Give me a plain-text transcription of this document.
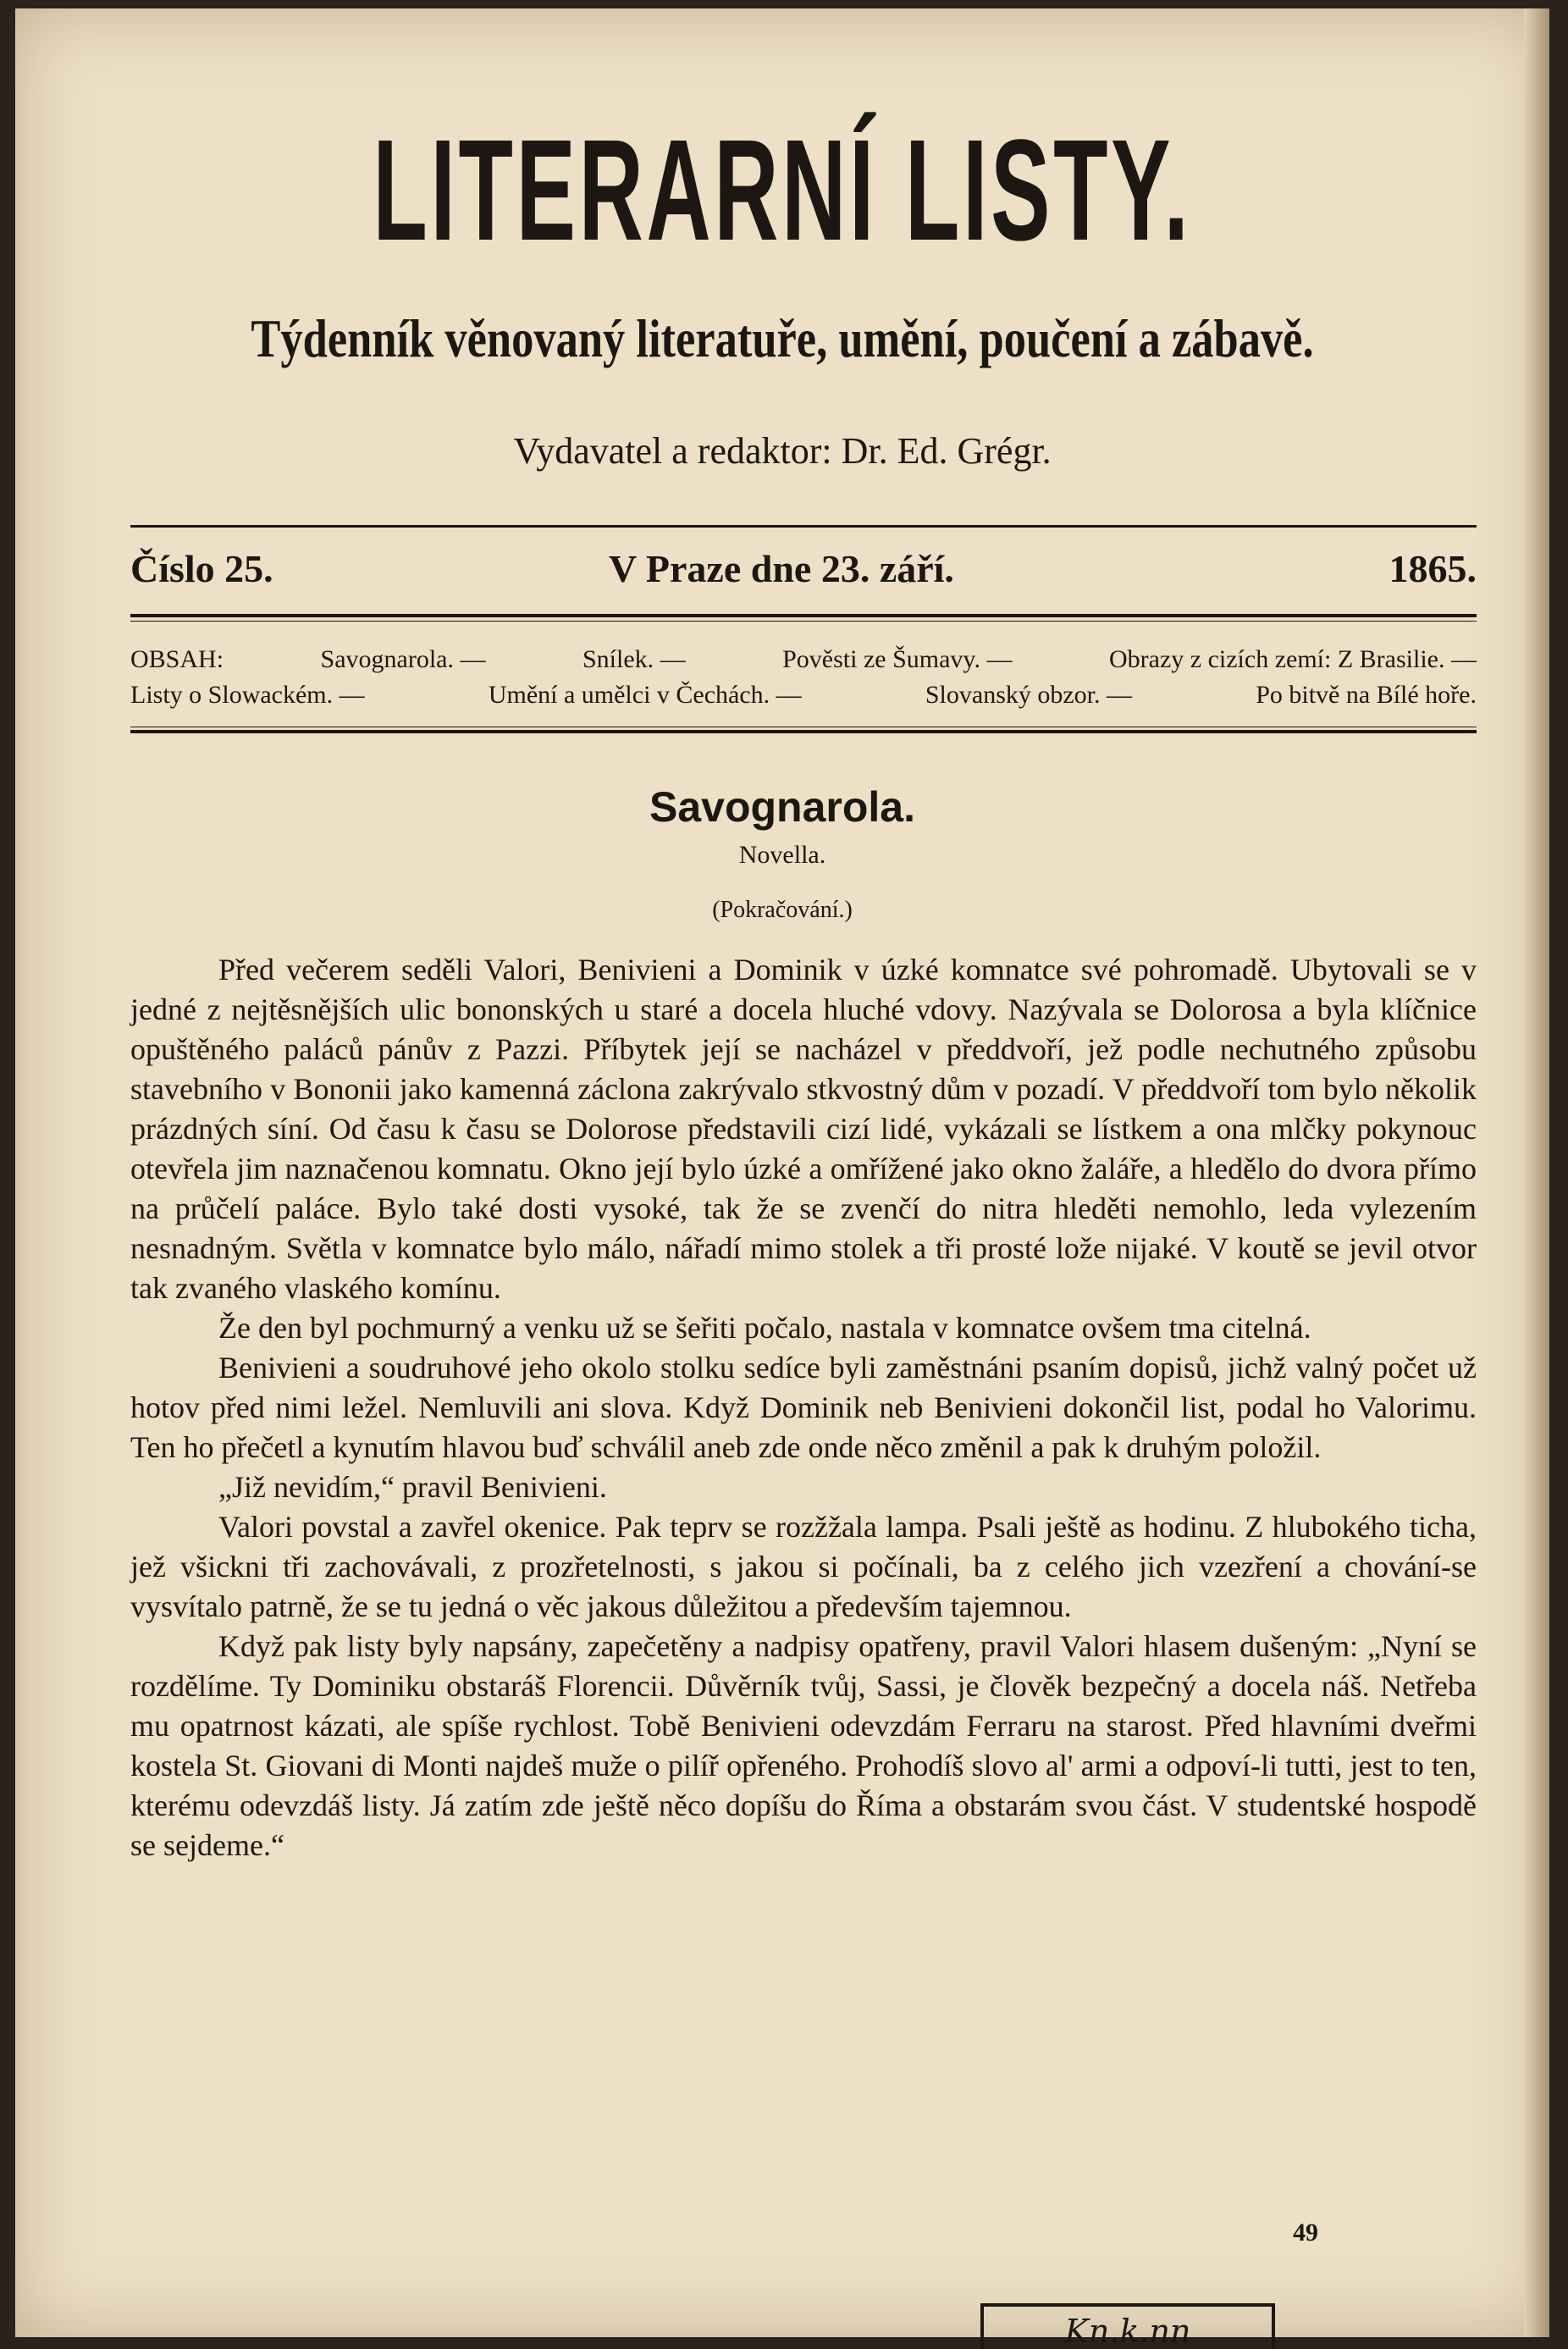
LITERARNÍ LISTY.
Týdenník věnovaný literatuře, umění, poučení a zábavě.
Vydavatel a redaktor: Dr. Ed. Grégr.
Číslo 25.	V Praze dne 23. září.	1865.
OBSAH:	Savognarola. —	Snílek. —	Pověsti ze Šumavy. —	Obrazy z cizích zemí: Z Brasilie. —
Listy o Slowackém. —	Umění a umělci v Čechách. —	Slovanský obzor. —	Po bitvě na Bílé hoře.
Savognarola.
Novella.
(Pokračování.)

Před večerem seděli Valori, Benivieni a Dominik v úzké komnatce své pohromadě. Ubytovali se v jedné z nejtěsnějších ulic bononských u staré a docela hluché vdovy. Nazývala se Dolorosa a byla klíčnice opuštěného paláců pánův z Pazzi. Příbytek její se nacházel v předdvoří, jež podle nechutného způsobu stavebního v Bononii jako kamenná záclona zakrývalo stkvostný dům v pozadí. V předdvoří tom bylo několik prázdných síní. Od času k času se Dolorose představili cizí lidé, vykázali se lístkem a ona mlčky pokynouc otevřela jim naznačenou komnatu. Okno její bylo úzké a omřížené jako okno žaláře, a hledělo do dvora přímo na průčelí paláce. Bylo také dosti vysoké, tak že se zvenčí do nitra hleděti nemohlo, leda vylezením nesnadným. Světla v komnatce bylo málo, nářadí mimo stolek a tři prosté lože nijaké. V koutě se jevil otvor tak zvaného vlaského komínu.

Že den byl pochmurný a venku už se šeřiti počalo, nastala v komnatce ovšem tma citelná.

Benivieni a soudruhové jeho okolo stolku sedíce byli zaměstnáni psaním dopisů, jichž valný počet už hotov před nimi ležel. Nemluvili ani slova. Když Dominik neb Benivieni dokončil list, podal ho Valorimu. Ten ho přečetl a kynutím hlavou buď schválil aneb zde onde něco změnil a pak k druhým položil.

„Již nevidím,“ pravil Benivieni.

Valori povstal a zavřel okenice. Pak teprv se rozžžala lampa. Psali ještě as hodinu. Z hlubokého ticha, jež všickni tři zachovávali, z prozřetelnosti, s jakou si počínali, ba z celého jich vzezření a chování-se vysvítalo patrně, že se tu jedná o věc jakous důležitou a především tajemnou.

Když pak listy byly napsány, zapečetěny a nadpisy opatřeny, pravil Valori hlasem dušeným: „Nyní se rozdělíme. Ty Dominiku obstaráš Florencii. Důvěrník tvůj, Sassi, je člověk bezpečný a docela náš. Netřeba mu opatrnost kázati, ale spíše rychlost. Tobě Benivieni odevzdám Ferraru na starost. Před hlavními dveřmi kostela St. Giovani di Monti najdeš muže o pilíř opřeného. Prohodíš slovo al' armi a odpoví-li tutti, jest to ten, kterému odevzdáš listy. Já zatím zde ještě něco dopíšu do Říma a obstarám svou část. V studentské hospodě se sejdeme.“

49
Kn.k.nn
